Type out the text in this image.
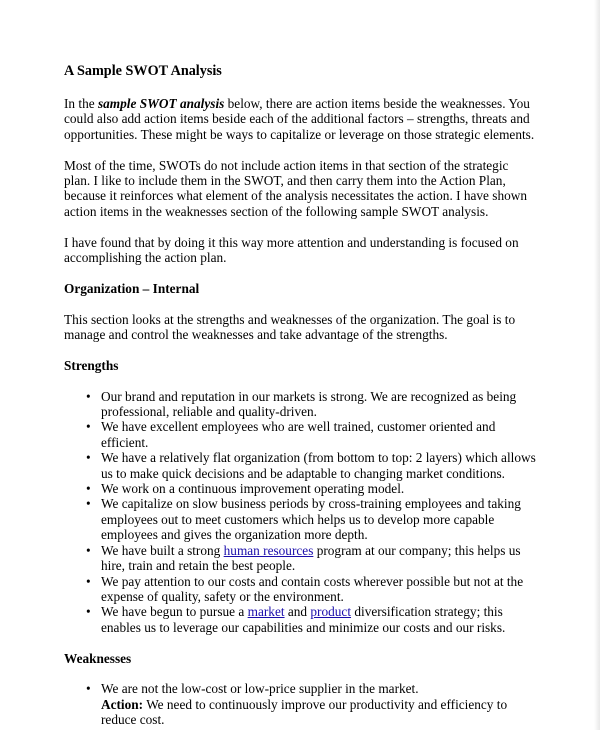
A Sample SWOT Analysis

In the sample SWOT analysis below, there are action items beside the weaknesses. You could also add action items beside each of the additional factors – strengths, threats and opportunities. These might be ways to capitalize or leverage on those strategic elements.

Most of the time, SWOTs do not include action items in that section of the strategic plan. I like to include them in the SWOT, and then carry them into the Action Plan, because it reinforces what element of the analysis necessitates the action. I have shown action items in the weaknesses section of the following sample SWOT analysis.

I have found that by doing it this way more attention and understanding is focused on accomplishing the action plan.

Organization – Internal

This section looks at the strengths and weaknesses of the organization. The goal is to manage and control the weaknesses and take advantage of the strengths.

Strengths

• Our brand and reputation in our markets is strong. We are recognized as being professional, reliable and quality-driven.
• We have excellent employees who are well trained, customer oriented and efficient.
• We have a relatively flat organization (from bottom to top: 2 layers) which allows us to make quick decisions and be adaptable to changing market conditions.
• We work on a continuous improvement operating model.
• We capitalize on slow business periods by cross-training employees and taking employees out to meet customers which helps us to develop more capable employees and gives the organization more depth.
• We have built a strong human resources program at our company; this helps us hire, train and retain the best people.
• We pay attention to our costs and contain costs wherever possible but not at the expense of quality, safety or the environment.
• We have begun to pursue a market and product diversification strategy; this enables us to leverage our capabilities and minimize our costs and our risks.

Weaknesses

• We are not the low-cost or low-price supplier in the market.
Action: We need to continuously improve our productivity and efficiency to reduce cost.
